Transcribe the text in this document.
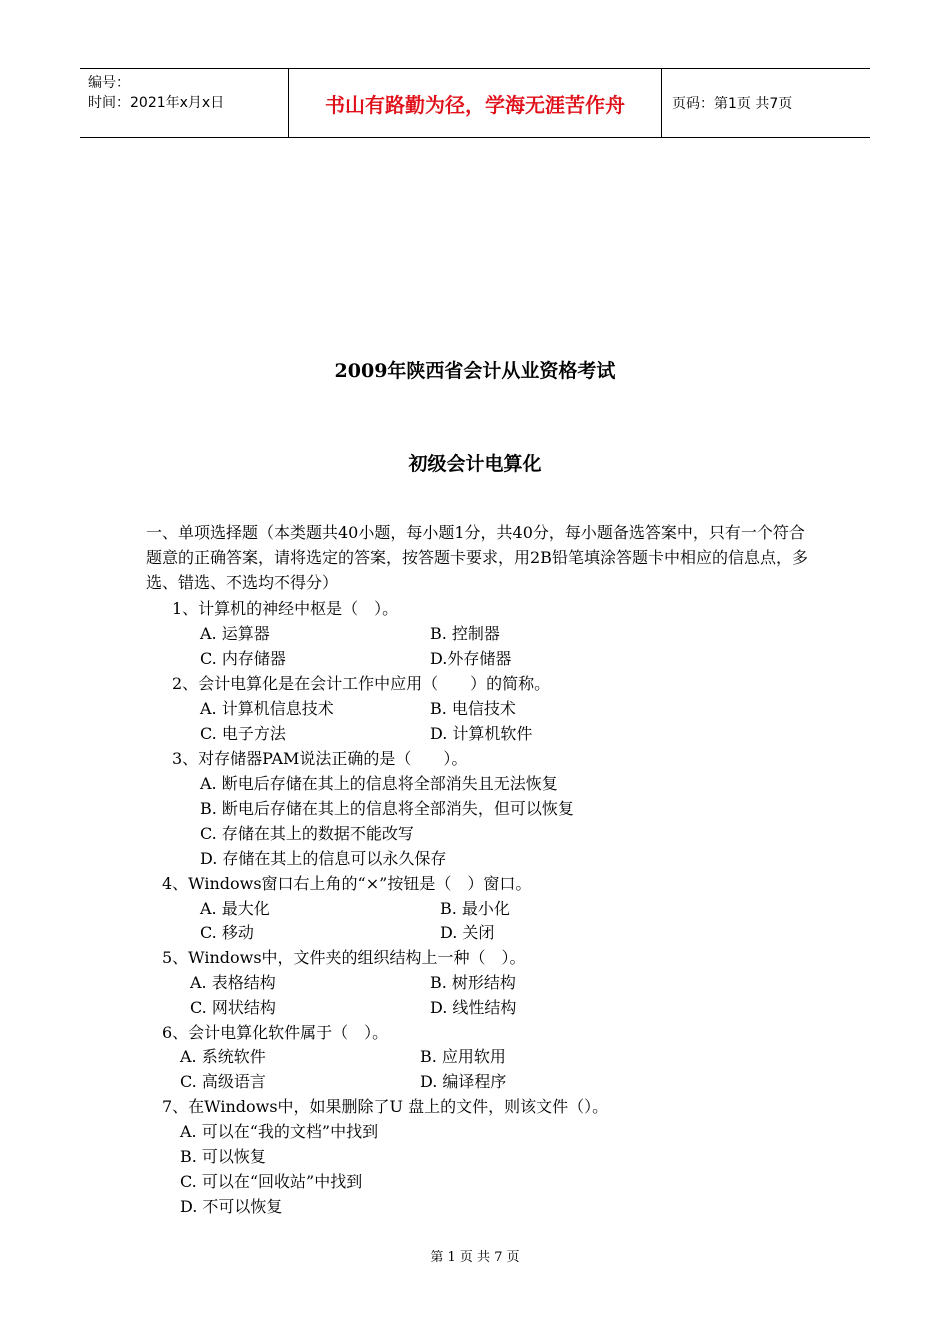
编号：
时间：2021年x月x日	书山有路勤为径，学海无涯苦作舟	页码：第1页 共7页
2009年陕西省会计从业资格考试
初级会计电算化
一、单项选择题（本类题共40小题，每小题1分，共40分，每小题备选答案中，只有一个符合题意的正确答案，请将选定的答案，按答题卡要求，用2B铅笔填涂答题卡中相应的信息点，多选、错选、不选均不得分）
1、计算机的神经中枢是（　）。
A. 运算器	B. 控制器
C. 内存储器	D.外存储器
2、会计电算化是在会计工作中应用（　　）的简称。
A. 计算机信息技术	B. 电信技术
C. 电子方法	D. 计算机软件
3、对存储器PAM说法正确的是（　　）。
A. 断电后存储在其上的信息将全部消失且无法恢复
B. 断电后存储在其上的信息将全部消失，但可以恢复
C. 存储在其上的数据不能改写
D. 存储在其上的信息可以永久保存
4、Windows窗口右上角的“×”按钮是（　）窗口。
A. 最大化	B. 最小化
C. 移动	D. 关闭
5、Windows中，文件夹的组织结构上一种（　）。
A. 表格结构	B. 树形结构
C. 网状结构	D. 线性结构
6、会计电算化软件属于（　）。
A. 系统软件	B. 应用软用
C. 高级语言	D. 编译程序
7、在Windows中，如果删除了U 盘上的文件，则该文件（）。
A. 可以在“我的文档”中找到
B. 可以恢复
C. 可以在“回收站”中找到
D. 不可以恢复
第 1 页 共 7 页
